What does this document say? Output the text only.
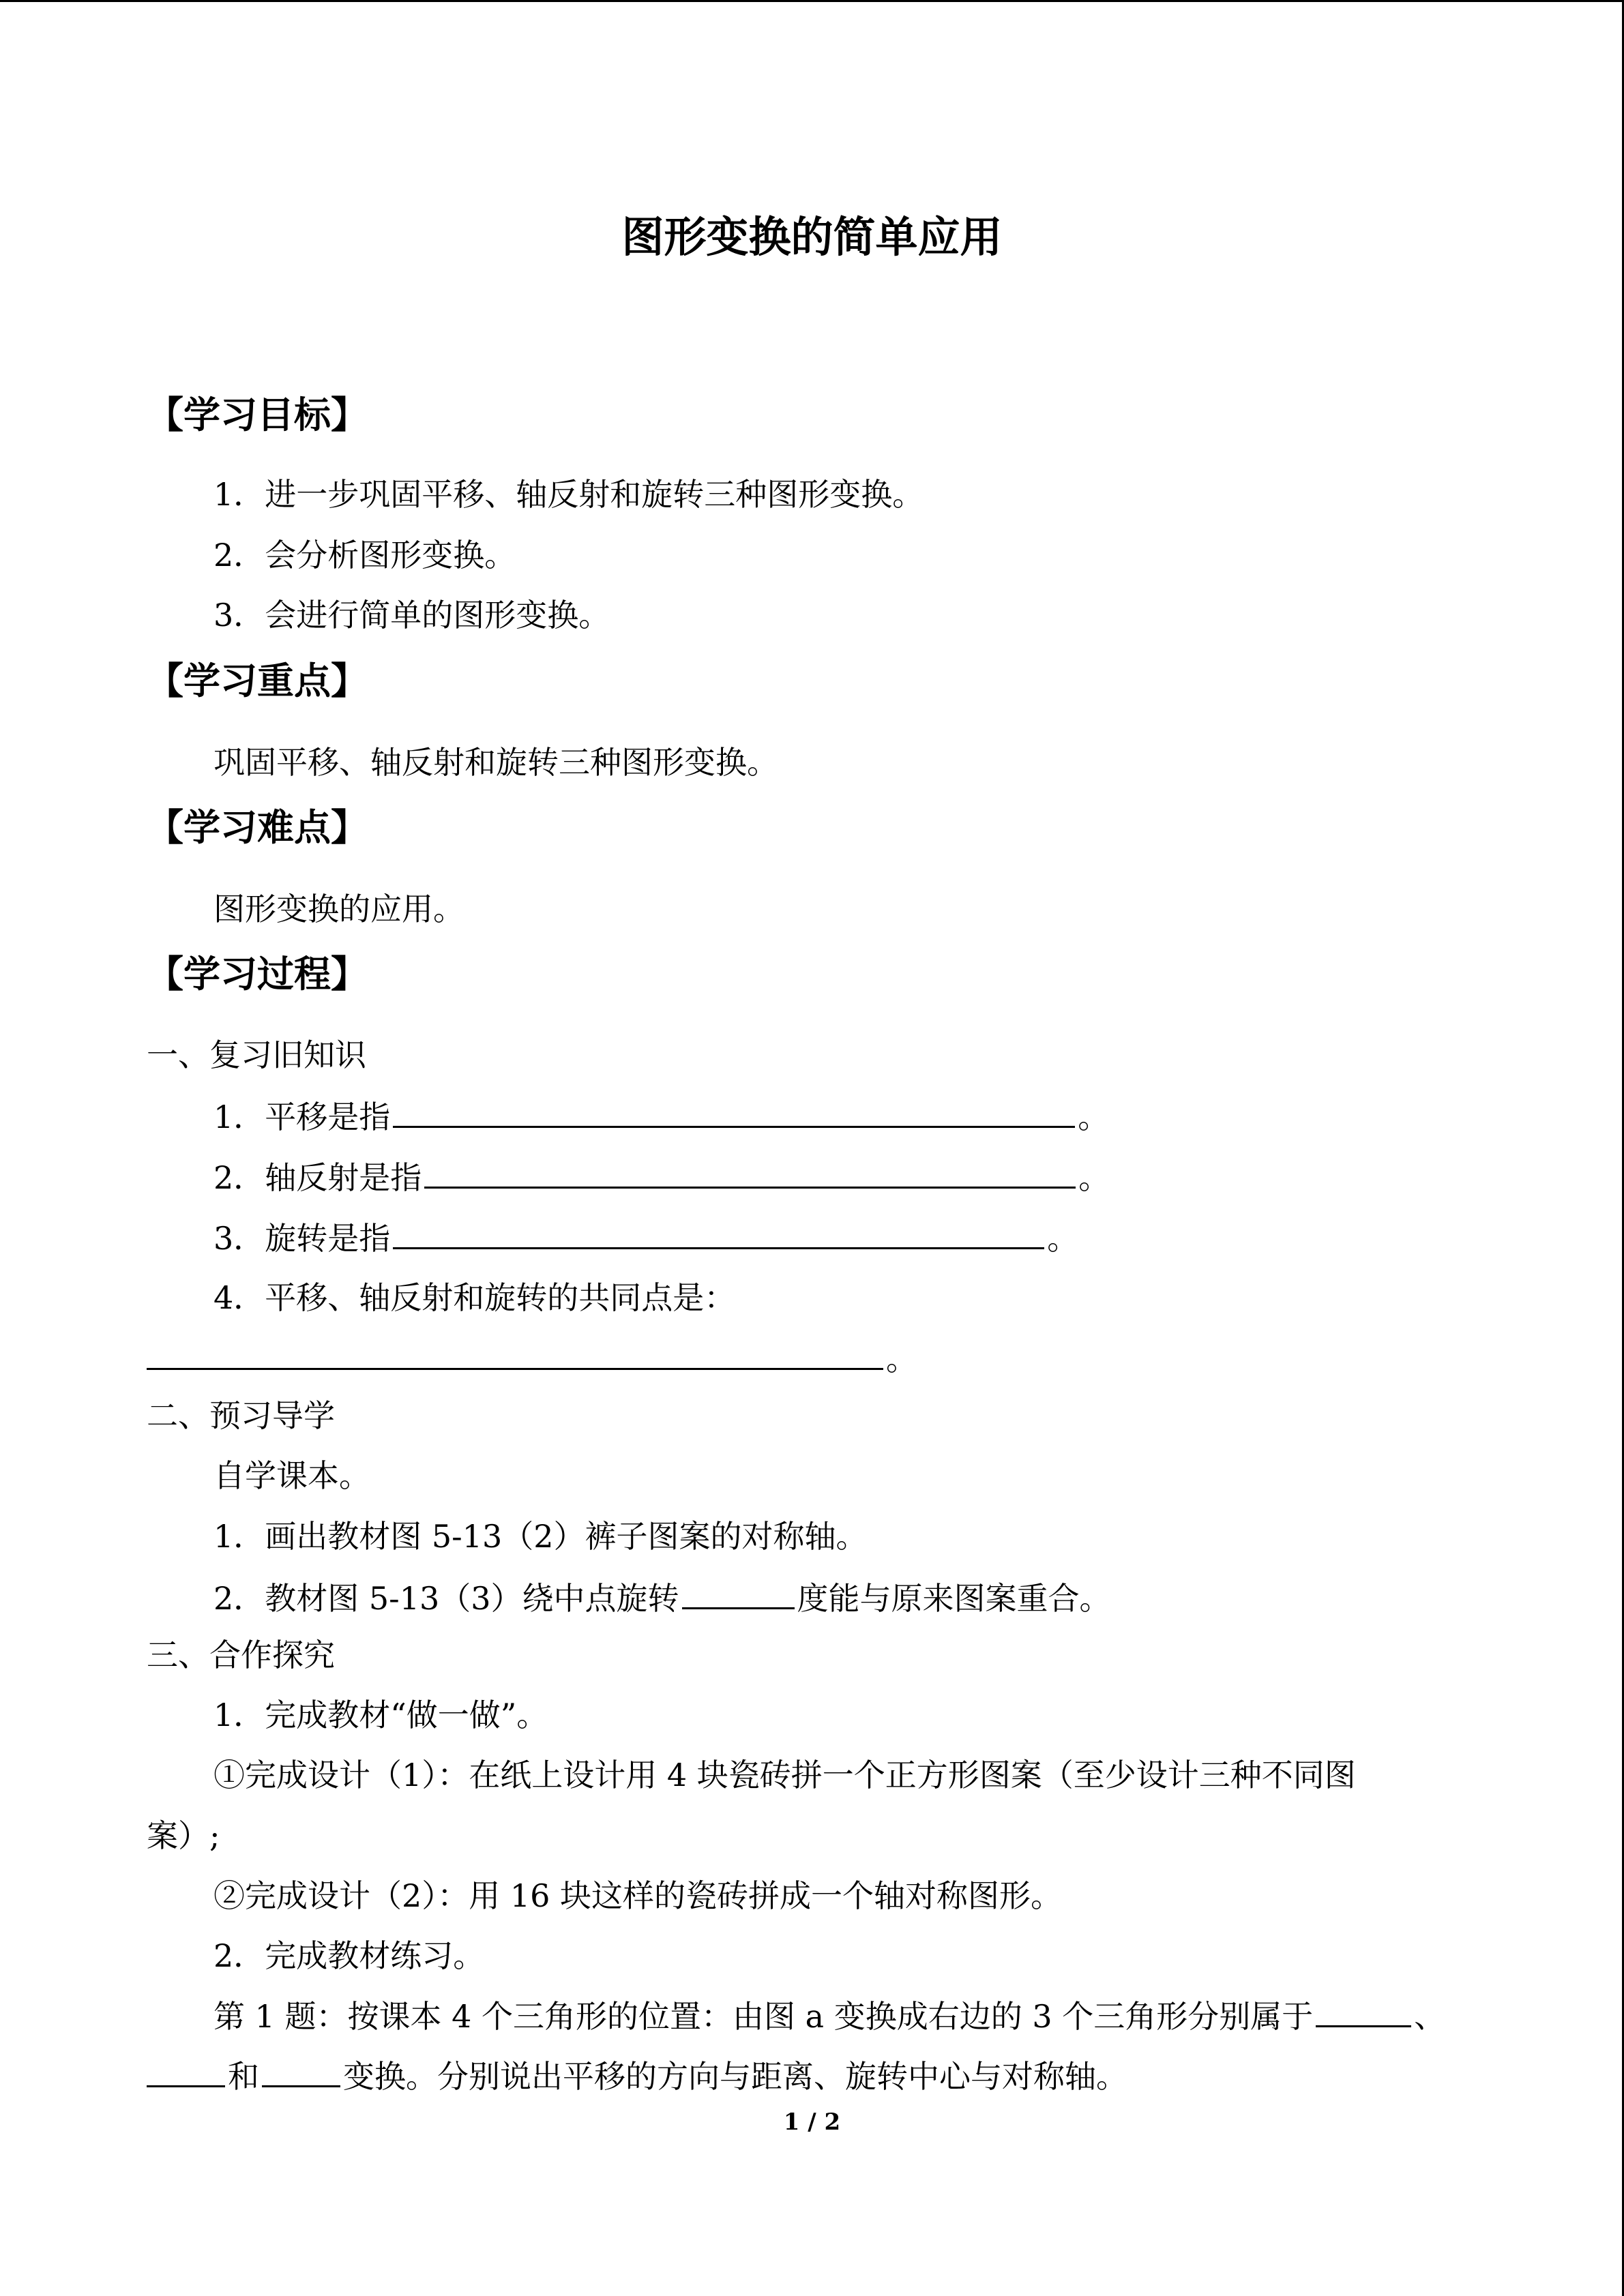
图形变换的简单应用
【学习目标】
1．进一步巩固平移、轴反射和旋转三种图形变换。
2．会分析图形变换。
3．会进行简单的图形变换。
【学习重点】
巩固平移、轴反射和旋转三种图形变换。
【学习难点】
图形变换的应用。
【学习过程】
一、复习旧知识
1．平移是指	。
2．轴反射是指	。
3．旋转是指	。
4．平移、轴反射和旋转的共同点是：
。
二、预习导学
自学课本。
1．画出教材图 5-13（2）裤子图案的对称轴。
2．教材图 5-13（3）绕中点旋转	度能与原来图案重合。
三、合作探究
1．完成教材“做一做”。
①完成设计（1）：在纸上设计用 4 块瓷砖拼一个正方形图案（至少设计三种不同图
案）;
②完成设计（2）：用 16 块这样的瓷砖拼成一个轴对称图形。
2．完成教材练习。
第 1 题：按课本 4 个三角形的位置：由图 a 变换成右边的 3 个三角形分别属于	、
和	变换。分别说出平移的方向与距离、旋转中心与对称轴。
1 / 2
